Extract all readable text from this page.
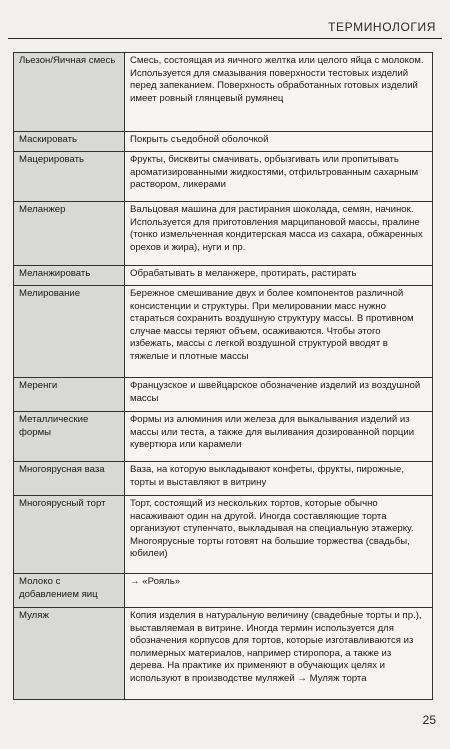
ТЕРМИНОЛОГИЯ
Льезон/Яичная смесь	Смесь, состоящая из яичного желтка или целого яйца с молоком. Используется для смазывания поверхности тестовых изделий перед запеканием. Поверхность обработанных готовых изделий имеет ровный глянцевый румянец
Маскировать	Покрыть съедобной оболочкой
Мацерировать	Фрукты, бисквиты смачивать, орбызгивать или пропитывать ароматизированными жидкостями, отфильтрованным сахарным раствором, ликерами
Меланжер	Вальцовая машина для растирания шоколада, семян, начинок. Используется для приготовления марципановой массы, пралине (тонко измельченная кондитерская масса из сахара, обжаренных орехов и жира), нуги и пр.
Меланжировать	Обрабатывать в меланжере, протирать, растирать
Мелирование	Бережное смешивание двух и более компонентов различной консистенции и структуры. При мелировании масс нужно стараться сохранить воздушную структуру массы. В противном случае массы теряют объем, осаживаются. Чтобы этого избежать, массы с легкой воздушной структурой вводят в тяжелые и плотные массы
Меренги	Французское и швейцарское обозначение изделий из воздушной массы
Металлические формы	Формы из алюминия или железа для выкалывания изделий из массы или теста, а также для выливания дозированной порции кувертюра или карамели
Многоярусная ваза	Ваза, на которую выкладывают конфеты, фрукты, пирожные, торты и выставляют в витрину
Многоярусный торт	Торт, состоящий из нескольких тортов, которые обычно насаживают один на другой. Иногда составляющие торта организуют ступенчато, выкладывая на специальную этажерку. Многоярусные торты готовят на большие торжества (свадьбы, юбилеи)
Молоко с добавлением яиц	→ «Рояль»
Муляж	Копия изделия в натуральную величину (свадебные торты и пр.), выставляемая в витрине. Иногда термин используется для обозначения корпусов для тортов, которые изготавливаются из полимерных материалов, например стиропора, а также из дерева. На практике их применяют в обучающих целях и используют в производстве муляжей → Муляж торта
25
